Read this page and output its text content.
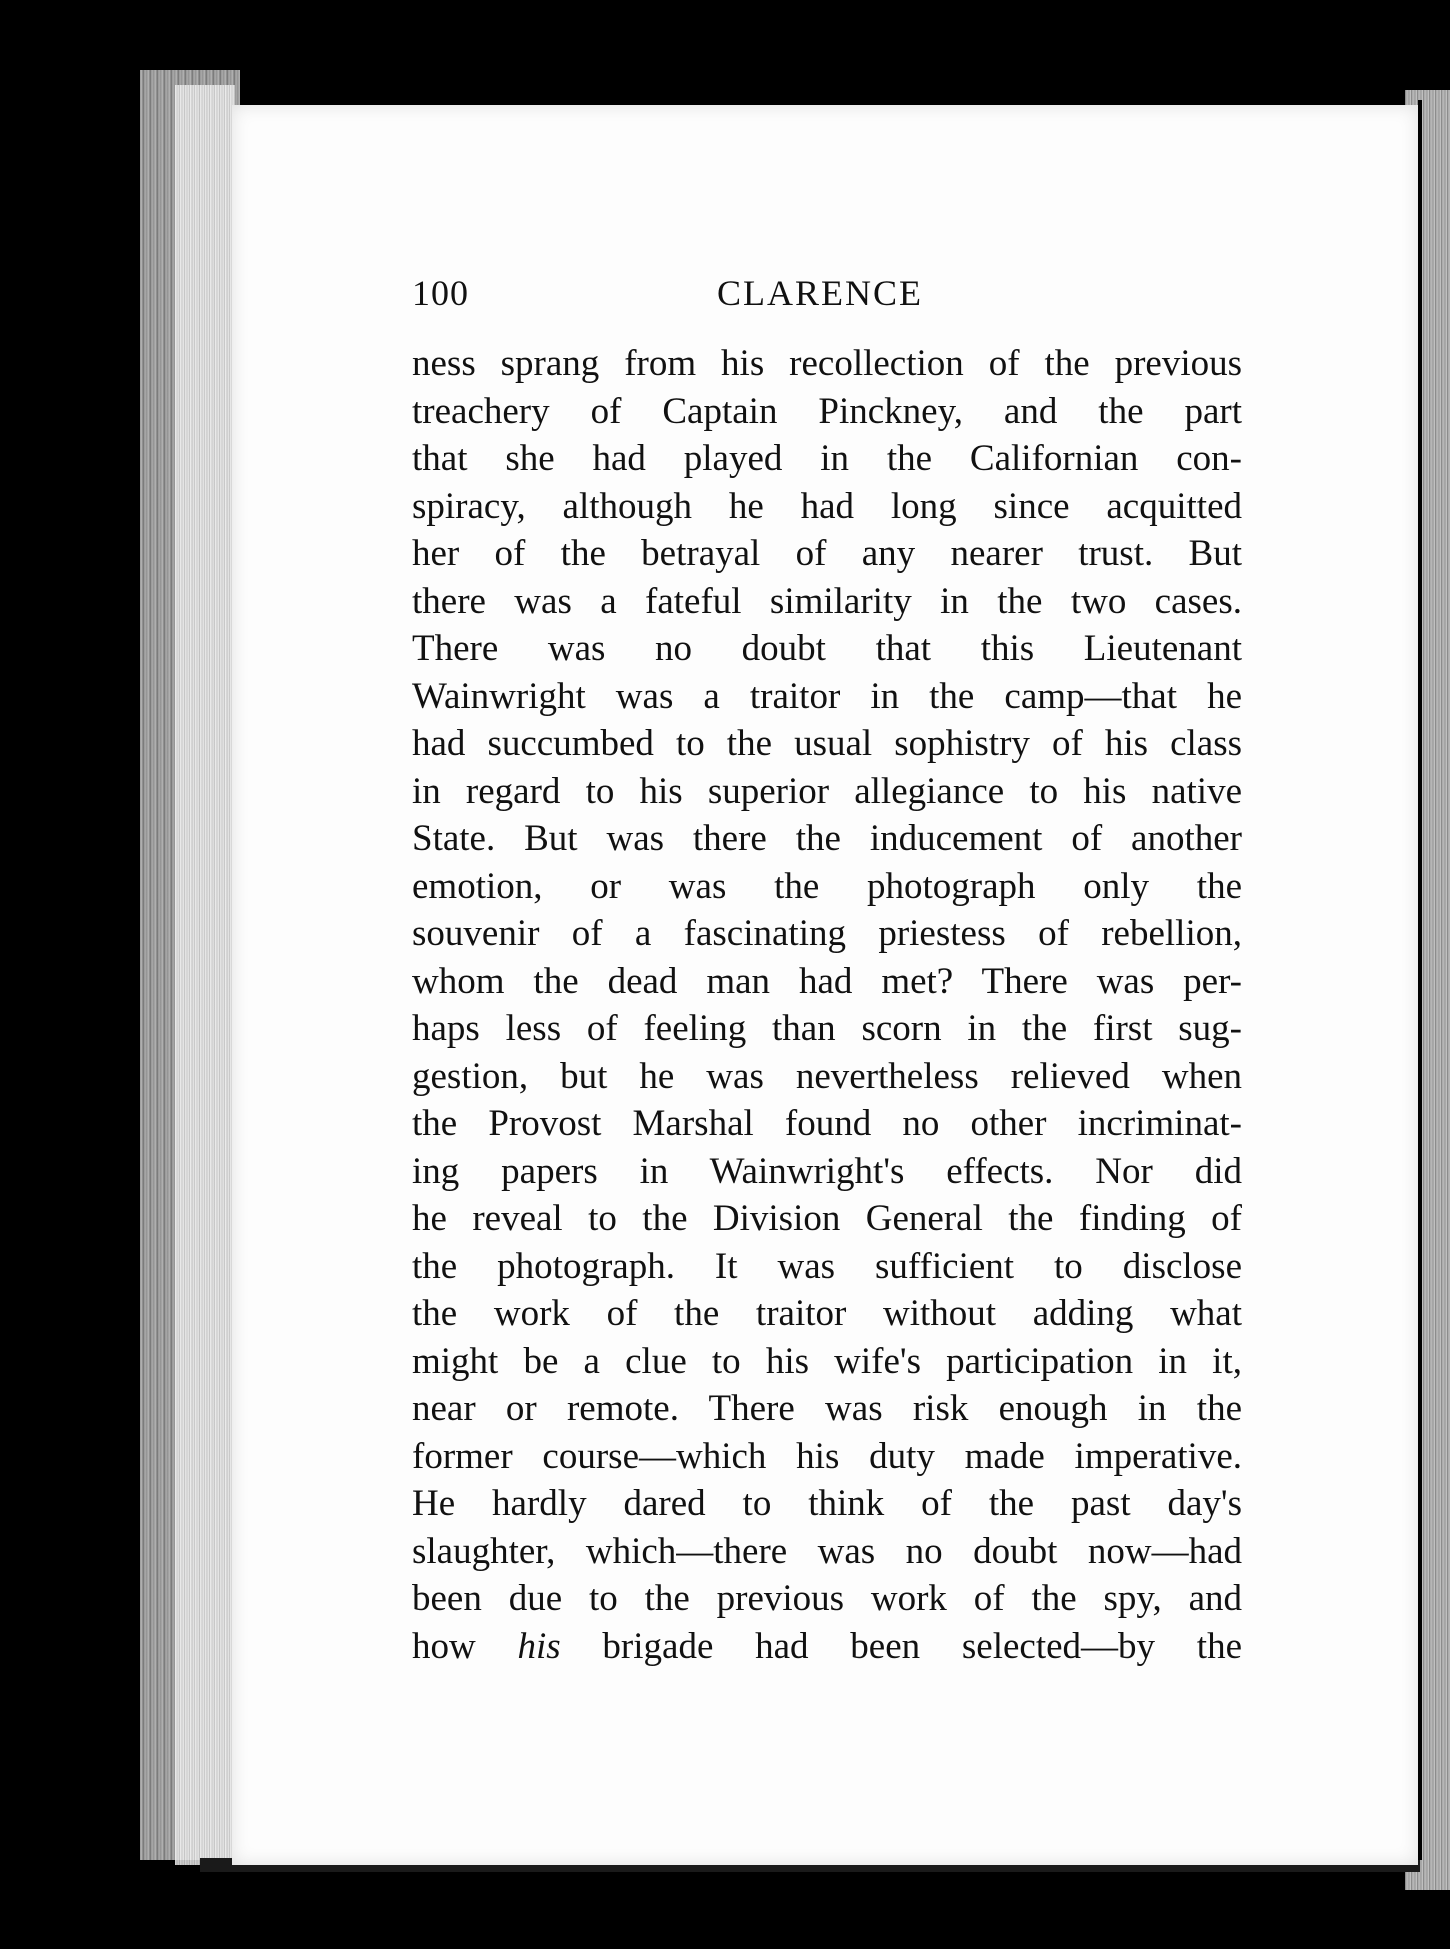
100	CLARENCE
ness sprang from his recollection of the previous
treachery of Captain Pinckney, and the part
that she had played in the Californian con-
spiracy, although he had long since acquitted
her of the betrayal of any nearer trust. But
there was a fateful similarity in the two cases.
There was no doubt that this Lieutenant
Wainwright was a traitor in the camp—that he
had succumbed to the usual sophistry of his class
in regard to his superior allegiance to his native
State. But was there the inducement of another
emotion, or was the photograph only the
souvenir of a fascinating priestess of rebellion,
whom the dead man had met? There was per-
haps less of feeling than scorn in the first sug-
gestion, but he was nevertheless relieved when
the Provost Marshal found no other incriminat-
ing papers in Wainwright's effects. Nor did
he reveal to the Division General the finding of
the photograph. It was sufficient to disclose
the work of the traitor without adding what
might be a clue to his wife's participation in it,
near or remote. There was risk enough in the
former course—which his duty made imperative.
He hardly dared to think of the past day's
slaughter, which—there was no doubt now—had
been due to the previous work of the spy, and
how his brigade had been selected—by the
